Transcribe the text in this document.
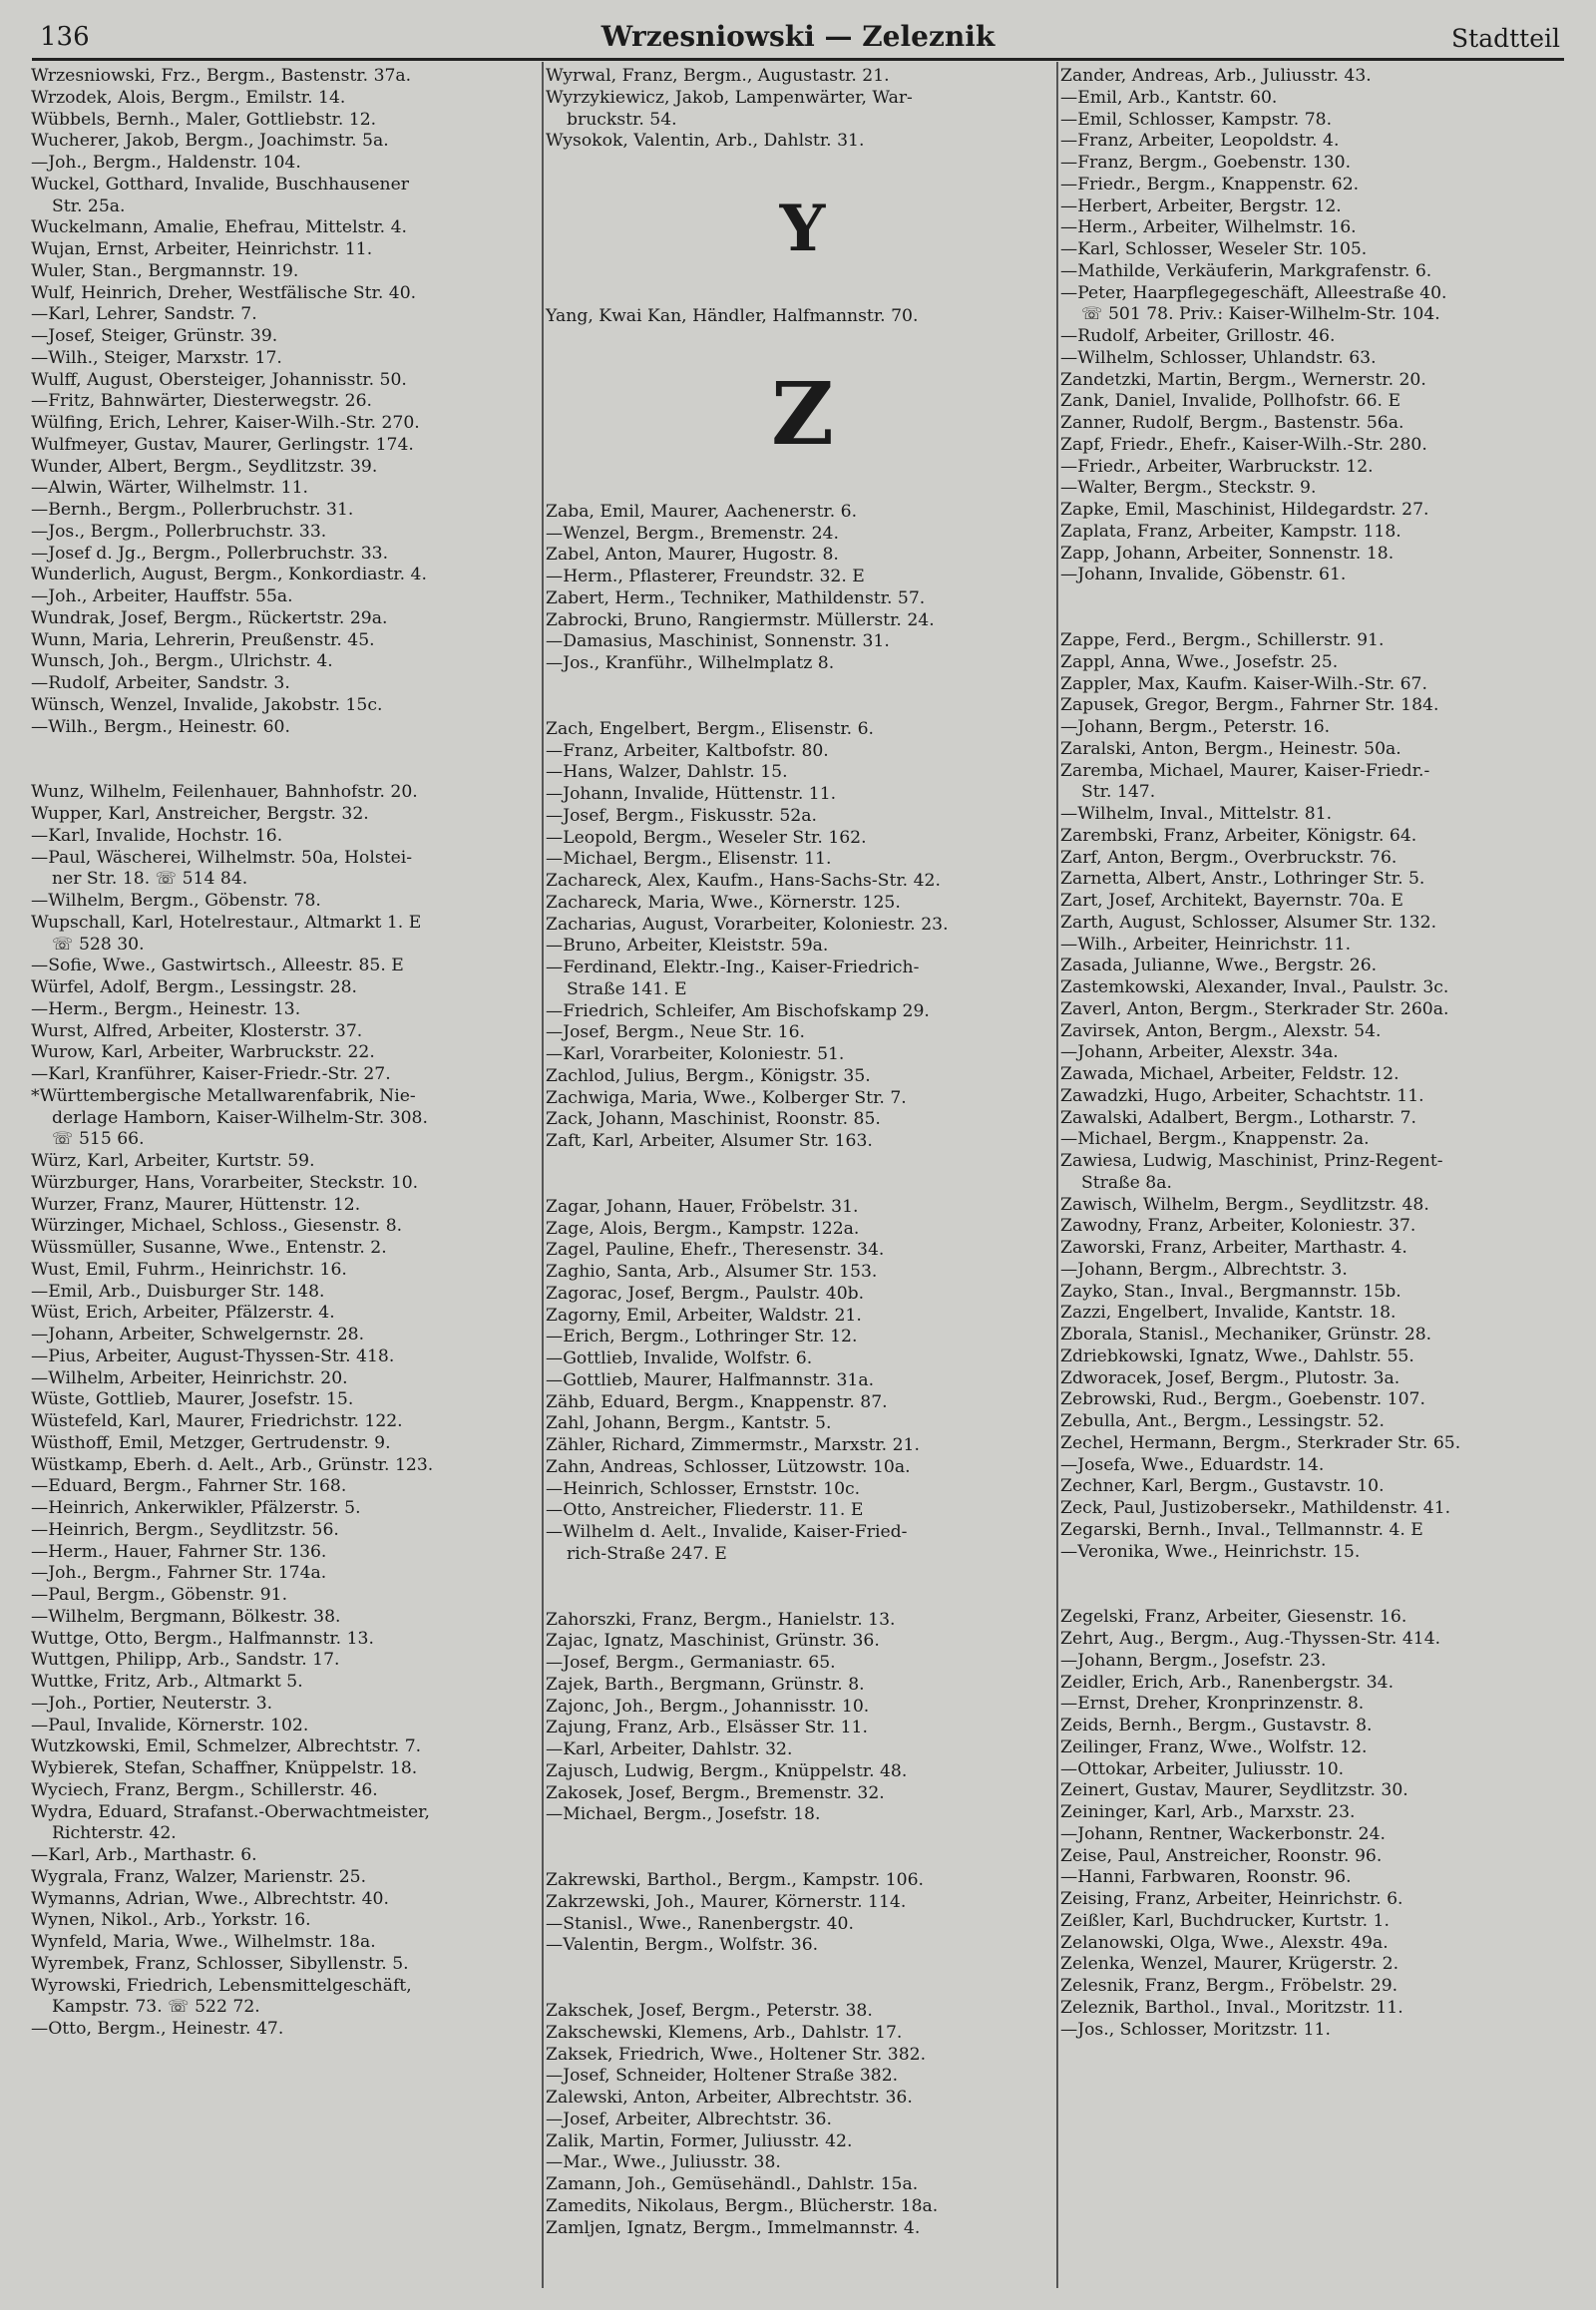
136	Wrzesniowski — Zeleznik	Stadtteil

Wrzesniowski, Frz., Bergm., Bastenstr. 37a.

Wrzodek, Alois, Bergm., Emilstr. 14.

Wübbels, Bernh., Maler, Gottliebstr. 12.

Wucherer, Jakob, Bergm., Joachimstr. 5a.

—Joh., Bergm., Haldenstr. 104.

Wuckel, Gotthard, Invalide, Buschhausener

Str. 25a.

Wuckelmann, Amalie, Ehefrau, Mittelstr. 4.

Wujan, Ernst, Arbeiter, Heinrichstr. 11.

Wuler, Stan., Bergmannstr. 19.

Wulf, Heinrich, Dreher, Westfälische Str. 40.

—Karl, Lehrer, Sandstr. 7.

—Josef, Steiger, Grünstr. 39.

—Wilh., Steiger, Marxstr. 17.

Wulff, August, Obersteiger, Johannisstr. 50.

—Fritz, Bahnwärter, Diesterwegstr. 26.

Wülfing, Erich, Lehrer, Kaiser-Wilh.-Str. 270.

Wulfmeyer, Gustav, Maurer, Gerlingstr. 174.

Wunder, Albert, Bergm., Seydlitzstr. 39.

—Alwin, Wärter, Wilhelmstr. 11.

—Bernh., Bergm., Pollerbruchstr. 31.

—Jos., Bergm., Pollerbruchstr. 33.

—Josef d. Jg., Bergm., Pollerbruchstr. 33.

Wunderlich, August, Bergm., Konkordiastr. 4.

—Joh., Arbeiter, Hauffstr. 55a.

Wundrak, Josef, Bergm., Rückertstr. 29a.

Wunn, Maria, Lehrerin, Preußenstr. 45.

Wunsch, Joh., Bergm., Ulrichstr. 4.

—Rudolf, Arbeiter, Sandstr. 3.

Wünsch, Wenzel, Invalide, Jakobstr. 15c.

—Wilh., Bergm., Heinestr. 60.

Wunz, Wilhelm, Feilenhauer, Bahnhofstr. 20.

Wupper, Karl, Anstreicher, Bergstr. 32.

—Karl, Invalide, Hochstr. 16.

—Paul, Wäscherei, Wilhelmstr. 50a, Holstei-

ner Str. 18. ☏ 514 84.

—Wilhelm, Bergm., Göbenstr. 78.

Wupschall, Karl, Hotelrestaur., Altmarkt 1. E

☏ 528 30.

—Sofie, Wwe., Gastwirtsch., Alleestr. 85. E

Würfel, Adolf, Bergm., Lessingstr. 28.

—Herm., Bergm., Heinestr. 13.

Wurst, Alfred, Arbeiter, Klosterstr. 37.

Wurow, Karl, Arbeiter, Warbruckstr. 22.

—Karl, Kranführer, Kaiser-Friedr.-Str. 27.

*Württembergische Metallwarenfabrik, Nie-

derlage Hamborn, Kaiser-Wilhelm-Str. 308.

☏ 515 66.

Würz, Karl, Arbeiter, Kurtstr. 59.

Würzburger, Hans, Vorarbeiter, Steckstr. 10.

Wurzer, Franz, Maurer, Hüttenstr. 12.

Würzinger, Michael, Schloss., Giesenstr. 8.

Wüssmüller, Susanne, Wwe., Entenstr. 2.

Wust, Emil, Fuhrm., Heinrichstr. 16.

—Emil, Arb., Duisburger Str. 148.

Wüst, Erich, Arbeiter, Pfälzerstr. 4.

—Johann, Arbeiter, Schwelgernstr. 28.

—Pius, Arbeiter, August-Thyssen-Str. 418.

—Wilhelm, Arbeiter, Heinrichstr. 20.

Wüste, Gottlieb, Maurer, Josefstr. 15.

Wüstefeld, Karl, Maurer, Friedrichstr. 122.

Wüsthoff, Emil, Metzger, Gertrudenstr. 9.

Wüstkamp, Eberh. d. Aelt., Arb., Grünstr. 123.

—Eduard, Bergm., Fahrner Str. 168.

—Heinrich, Ankerwikler, Pfälzerstr. 5.

—Heinrich, Bergm., Seydlitzstr. 56.

—Herm., Hauer, Fahrner Str. 136.

—Joh., Bergm., Fahrner Str. 174a.

—Paul, Bergm., Göbenstr. 91.

—Wilhelm, Bergmann, Bölkestr. 38.

Wuttge, Otto, Bergm., Halfmannstr. 13.

Wuttgen, Philipp, Arb., Sandstr. 17.

Wuttke, Fritz, Arb., Altmarkt 5.

—Joh., Portier, Neuterstr. 3.

—Paul, Invalide, Körnerstr. 102.

Wutzkowski, Emil, Schmelzer, Albrechtstr. 7.

Wybierek, Stefan, Schaffner, Knüppelstr. 18.

Wyciech, Franz, Bergm., Schillerstr. 46.

Wydra, Eduard, Strafanst.-Oberwachtmeister,

Richterstr. 42.

—Karl, Arb., Marthastr. 6.

Wygrala, Franz, Walzer, Marienstr. 25.

Wymanns, Adrian, Wwe., Albrechtstr. 40.

Wynen, Nikol., Arb., Yorkstr. 16.

Wynfeld, Maria, Wwe., Wilhelmstr. 18a.

Wyrembek, Franz, Schlosser, Sibyllenstr. 5.

Wyrowski, Friedrich, Lebensmittelgeschäft,

Kampstr. 73. ☏ 522 72.

—Otto, Bergm., Heinestr. 47.

Wyrwal, Franz, Bergm., Augustastr. 21.

Wyrzykiewicz, Jakob, Lampenwärter, War-

bruckstr. 54.

Wysokok, Valentin, Arb., Dahlstr. 31.

Y

Yang, Kwai Kan, Händler, Halfmannstr. 70.

Z

Zaba, Emil, Maurer, Aachenerstr. 6.

—Wenzel, Bergm., Bremenstr. 24.

Zabel, Anton, Maurer, Hugostr. 8.

—Herm., Pflasterer, Freundstr. 32. E

Zabert, Herm., Techniker, Mathildenstr. 57.

Zabrocki, Bruno, Rangiermstr. Müllerstr. 24.

—Damasius, Maschinist, Sonnenstr. 31.

—Jos., Kranführ., Wilhelmplatz 8.

Zach, Engelbert, Bergm., Elisenstr. 6.

—Franz, Arbeiter, Kaltbofstr. 80.

—Hans, Walzer, Dahlstr. 15.

—Johann, Invalide, Hüttenstr. 11.

—Josef, Bergm., Fiskusstr. 52a.

—Leopold, Bergm., Weseler Str. 162.

—Michael, Bergm., Elisenstr. 11.

Zachareck, Alex, Kaufm., Hans-Sachs-Str. 42.

Zachareck, Maria, Wwe., Körnerstr. 125.

Zacharias, August, Vorarbeiter, Koloniestr. 23.

—Bruno, Arbeiter, Kleiststr. 59a.

—Ferdinand, Elektr.-Ing., Kaiser-Friedrich-

Straße 141. E

—Friedrich, Schleifer, Am Bischofskamp 29.

—Josef, Bergm., Neue Str. 16.

—Karl, Vorarbeiter, Koloniestr. 51.

Zachlod, Julius, Bergm., Königstr. 35.

Zachwiga, Maria, Wwe., Kolberger Str. 7.

Zack, Johann, Maschinist, Roonstr. 85.

Zaft, Karl, Arbeiter, Alsumer Str. 163.

Zagar, Johann, Hauer, Fröbelstr. 31.

Zage, Alois, Bergm., Kampstr. 122a.

Zagel, Pauline, Ehefr., Theresenstr. 34.

Zaghio, Santa, Arb., Alsumer Str. 153.

Zagorac, Josef, Bergm., Paulstr. 40b.

Zagorny, Emil, Arbeiter, Waldstr. 21.

—Erich, Bergm., Lothringer Str. 12.

—Gottlieb, Invalide, Wolfstr. 6.

—Gottlieb, Maurer, Halfmannstr. 31a.

Zähb, Eduard, Bergm., Knappenstr. 87.

Zahl, Johann, Bergm., Kantstr. 5.

Zähler, Richard, Zimmermstr., Marxstr. 21.

Zahn, Andreas, Schlosser, Lützowstr. 10a.

—Heinrich, Schlosser, Ernststr. 10c.

—Otto, Anstreicher, Fliederstr. 11. E

—Wilhelm d. Aelt., Invalide, Kaiser-Fried-

rich-Straße 247. E

Zahorszki, Franz, Bergm., Hanielstr. 13.

Zajac, Ignatz, Maschinist, Grünstr. 36.

—Josef, Bergm., Germaniastr. 65.

Zajek, Barth., Bergmann, Grünstr. 8.

Zajonc, Joh., Bergm., Johannisstr. 10.

Zajung, Franz, Arb., Elsässer Str. 11.

—Karl, Arbeiter, Dahlstr. 32.

Zajusch, Ludwig, Bergm., Knüppelstr. 48.

Zakosek, Josef, Bergm., Bremenstr. 32.

—Michael, Bergm., Josefstr. 18.

Zakrewski, Barthol., Bergm., Kampstr. 106.

Zakrzewski, Joh., Maurer, Körnerstr. 114.

—Stanisl., Wwe., Ranenbergstr. 40.

—Valentin, Bergm., Wolfstr. 36.

Zakschek, Josef, Bergm., Peterstr. 38.

Zakschewski, Klemens, Arb., Dahlstr. 17.

Zaksek, Friedrich, Wwe., Holtener Str. 382.

—Josef, Schneider, Holtener Straße 382.

Zalewski, Anton, Arbeiter, Albrechtstr. 36.

—Josef, Arbeiter, Albrechtstr. 36.

Zalik, Martin, Former, Juliusstr. 42.

—Mar., Wwe., Juliusstr. 38.

Zamann, Joh., Gemüsehändl., Dahlstr. 15a.

Zamedits, Nikolaus, Bergm., Blücherstr. 18a.

Zamljen, Ignatz, Bergm., Immelmannstr. 4.

Zander, Andreas, Arb., Juliusstr. 43.

—Emil, Arb., Kantstr. 60.

—Emil, Schlosser, Kampstr. 78.

—Franz, Arbeiter, Leopoldstr. 4.

—Franz, Bergm., Goebenstr. 130.

—Friedr., Bergm., Knappenstr. 62.

—Herbert, Arbeiter, Bergstr. 12.

—Herm., Arbeiter, Wilhelmstr. 16.

—Karl, Schlosser, Weseler Str. 105.

—Mathilde, Verkäuferin, Markgrafenstr. 6.

—Peter, Haarpflegegeschäft, Alleestraße 40.

☏ 501 78. Priv.: Kaiser-Wilhelm-Str. 104.

—Rudolf, Arbeiter, Grillostr. 46.

—Wilhelm, Schlosser, Uhlandstr. 63.

Zandetzki, Martin, Bergm., Wernerstr. 20.

Zank, Daniel, Invalide, Pollhofstr. 66. E

Zanner, Rudolf, Bergm., Bastenstr. 56a.

Zapf, Friedr., Ehefr., Kaiser-Wilh.-Str. 280.

—Friedr., Arbeiter, Warbruckstr. 12.

—Walter, Bergm., Steckstr. 9.

Zapke, Emil, Maschinist, Hildegardstr. 27.

Zaplata, Franz, Arbeiter, Kampstr. 118.

Zapp, Johann, Arbeiter, Sonnenstr. 18.

—Johann, Invalide, Göbenstr. 61.

Zappe, Ferd., Bergm., Schillerstr. 91.

Zappl, Anna, Wwe., Josefstr. 25.

Zappler, Max, Kaufm. Kaiser-Wilh.-Str. 67.

Zapusek, Gregor, Bergm., Fahrner Str. 184.

—Johann, Bergm., Peterstr. 16.

Zaralski, Anton, Bergm., Heinestr. 50a.

Zaremba, Michael, Maurer, Kaiser-Friedr.-

Str. 147.

—Wilhelm, Inval., Mittelstr. 81.

Zarembski, Franz, Arbeiter, Königstr. 64.

Zarf, Anton, Bergm., Overbruckstr. 76.

Zarnetta, Albert, Anstr., Lothringer Str. 5.

Zart, Josef, Architekt, Bayernstr. 70a. E

Zarth, August, Schlosser, Alsumer Str. 132.

—Wilh., Arbeiter, Heinrichstr. 11.

Zasada, Julianne, Wwe., Bergstr. 26.

Zastemkowski, Alexander, Inval., Paulstr. 3c.

Zaverl, Anton, Bergm., Sterkrader Str. 260a.

Zavirsek, Anton, Bergm., Alexstr. 54.

—Johann, Arbeiter, Alexstr. 34a.

Zawada, Michael, Arbeiter, Feldstr. 12.

Zawadzki, Hugo, Arbeiter, Schachtstr. 11.

Zawalski, Adalbert, Bergm., Lotharstr. 7.

—Michael, Bergm., Knappenstr. 2a.

Zawiesa, Ludwig, Maschinist, Prinz-Regent-

Straße 8a.

Zawisch, Wilhelm, Bergm., Seydlitzstr. 48.

Zawodny, Franz, Arbeiter, Koloniestr. 37.

Zaworski, Franz, Arbeiter, Marthastr. 4.

—Johann, Bergm., Albrechtstr. 3.

Zayko, Stan., Inval., Bergmannstr. 15b.

Zazzi, Engelbert, Invalide, Kantstr. 18.

Zborala, Stanisl., Mechaniker, Grünstr. 28.

Zdriebkowski, Ignatz, Wwe., Dahlstr. 55.

Zdworacek, Josef, Bergm., Plutostr. 3a.

Zebrowski, Rud., Bergm., Goebenstr. 107.

Zebulla, Ant., Bergm., Lessingstr. 52.

Zechel, Hermann, Bergm., Sterkrader Str. 65.

—Josefa, Wwe., Eduardstr. 14.

Zechner, Karl, Bergm., Gustavstr. 10.

Zeck, Paul, Justizobersekr., Mathildenstr. 41.

Zegarski, Bernh., Inval., Tellmannstr. 4. E

—Veronika, Wwe., Heinrichstr. 15.

Zegelski, Franz, Arbeiter, Giesenstr. 16.

Zehrt, Aug., Bergm., Aug.-Thyssen-Str. 414.

—Johann, Bergm., Josefstr. 23.

Zeidler, Erich, Arb., Ranenbergstr. 34.

—Ernst, Dreher, Kronprinzenstr. 8.

Zeids, Bernh., Bergm., Gustavstr. 8.

Zeilinger, Franz, Wwe., Wolfstr. 12.

—Ottokar, Arbeiter, Juliusstr. 10.

Zeinert, Gustav, Maurer, Seydlitzstr. 30.

Zeininger, Karl, Arb., Marxstr. 23.

—Johann, Rentner, Wackerbonstr. 24.

Zeise, Paul, Anstreicher, Roonstr. 96.

—Hanni, Farbwaren, Roonstr. 96.

Zeising, Franz, Arbeiter, Heinrichstr. 6.

Zeißler, Karl, Buchdrucker, Kurtstr. 1.

Zelanowski, Olga, Wwe., Alexstr. 49a.

Zelenka, Wenzel, Maurer, Krügerstr. 2.

Zelesnik, Franz, Bergm., Fröbelstr. 29.

Zeleznik, Barthol., Inval., Moritzstr. 11.

—Jos., Schlosser, Moritzstr. 11.
